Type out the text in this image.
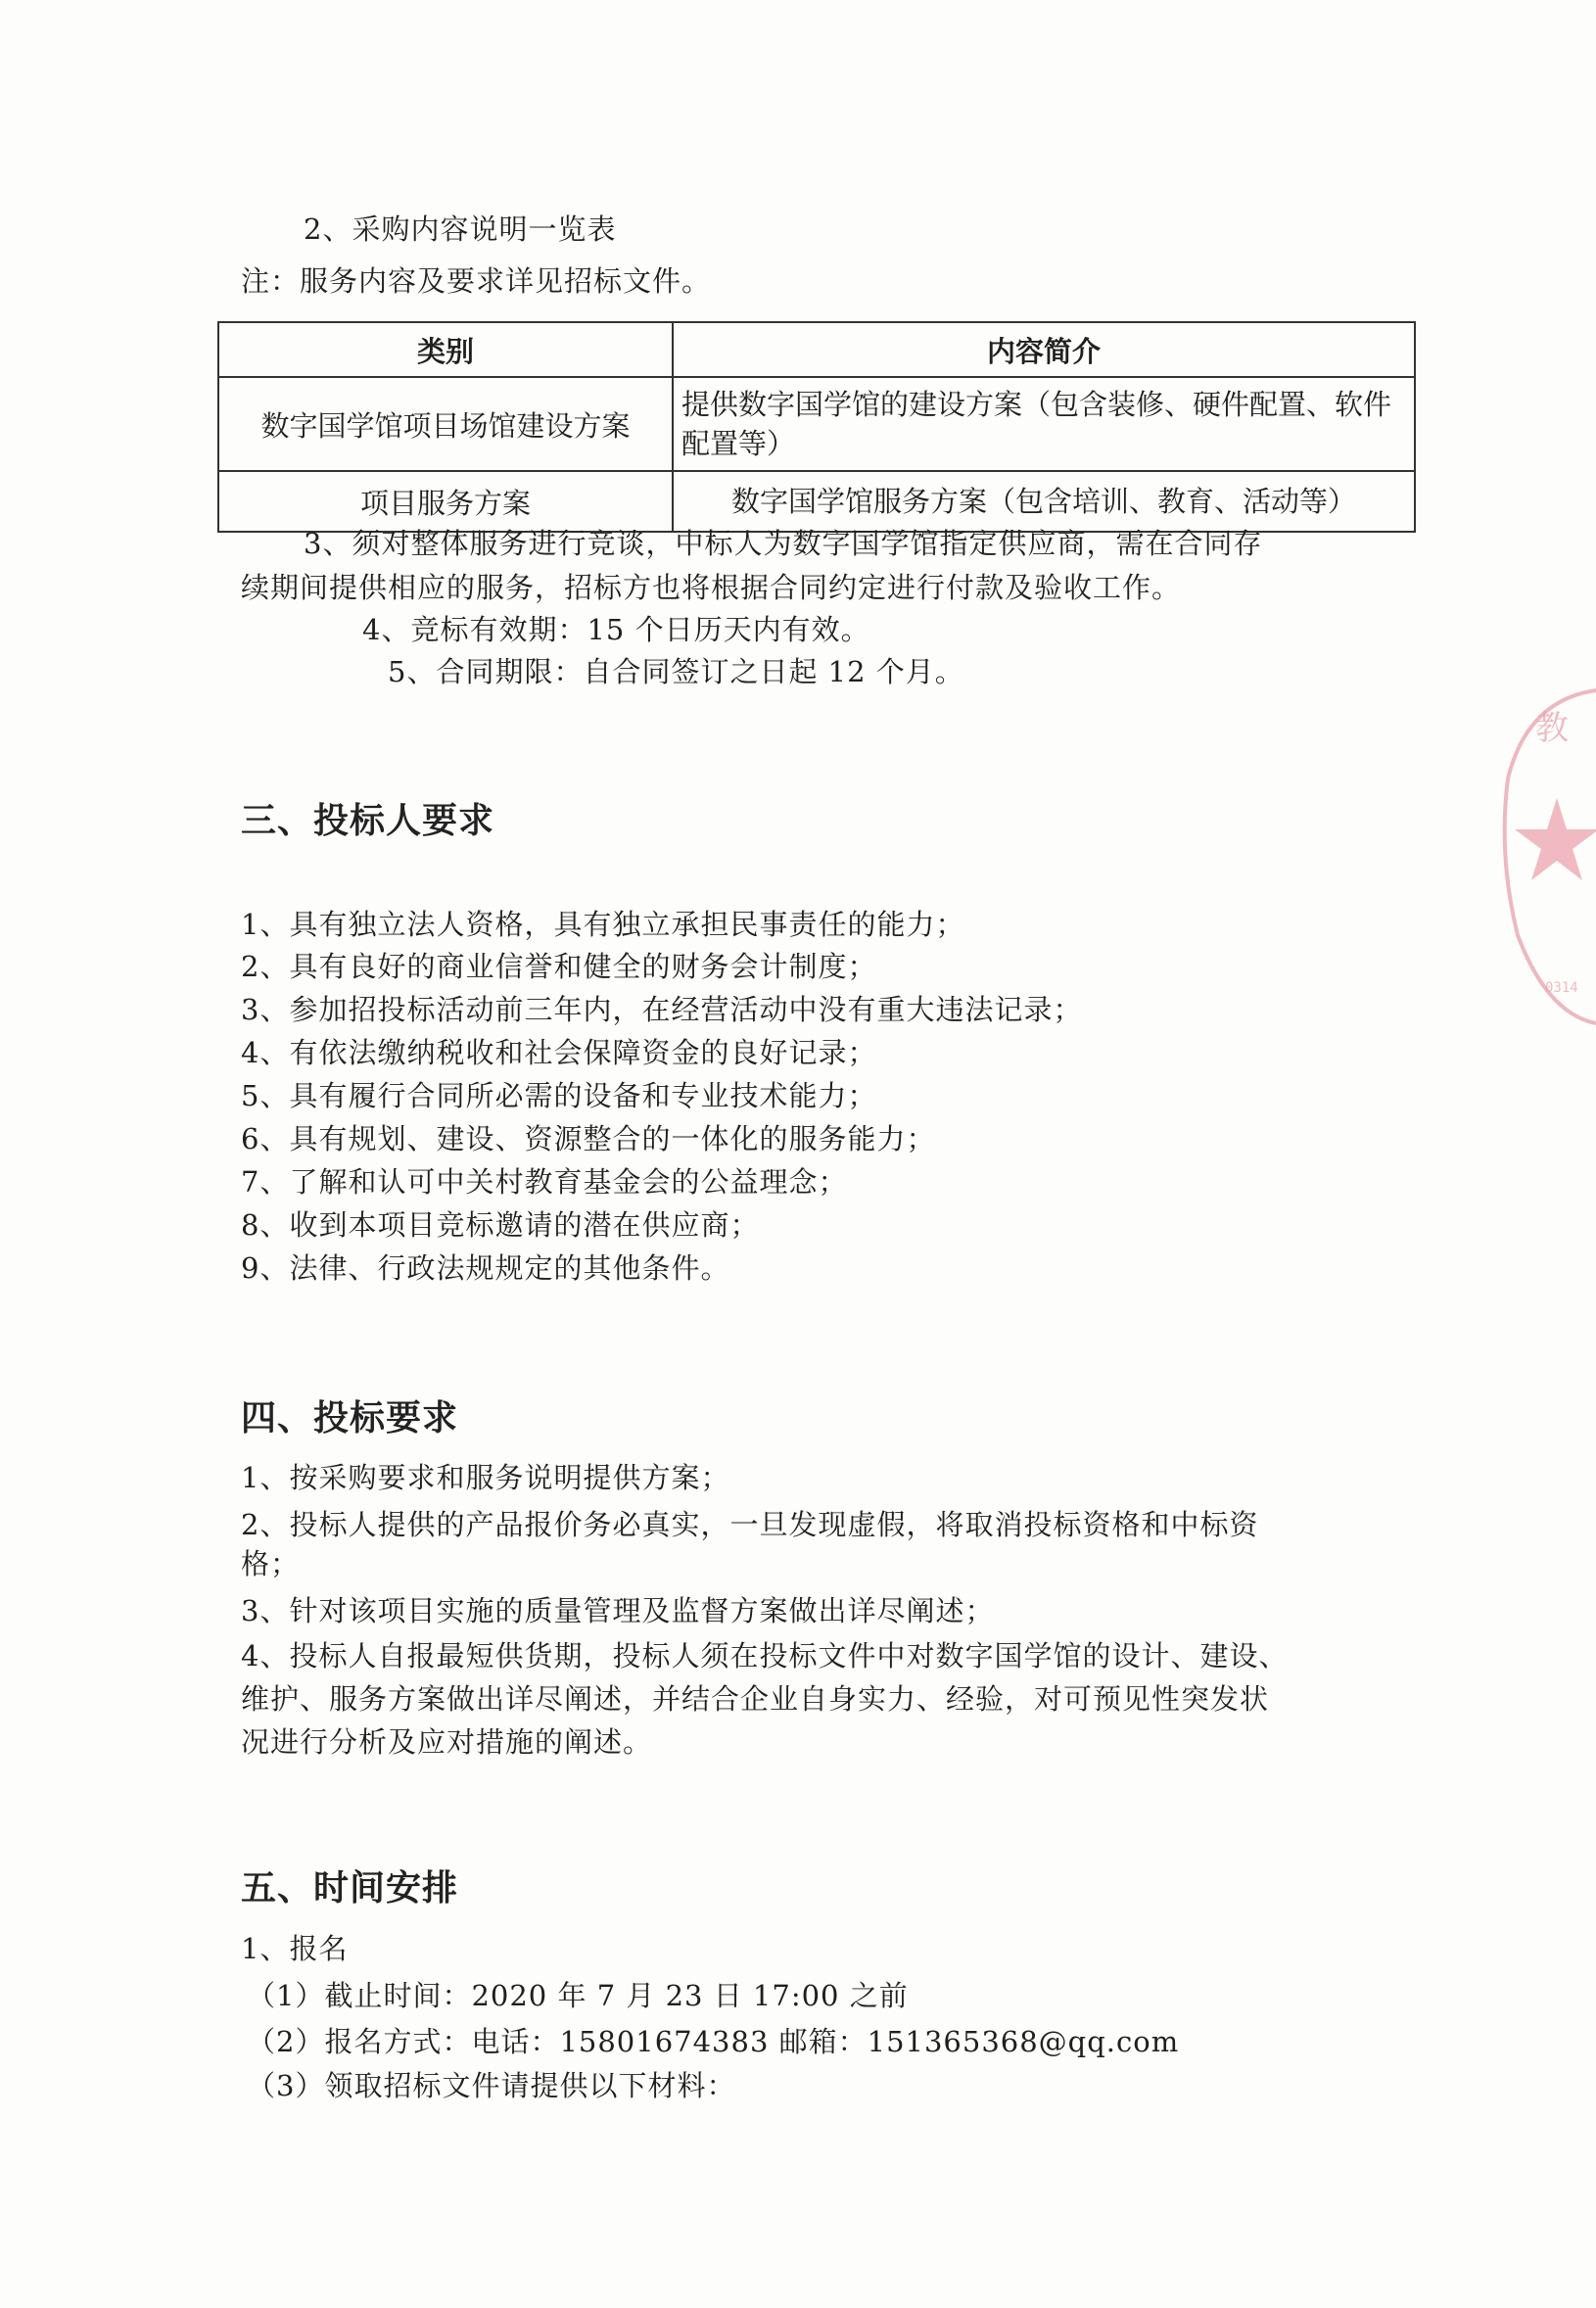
2、采购内容说明一览表
注：服务内容及要求详见招标文件。
类别	内容简介
数字国学馆项目场馆建设方案	提供数字国学馆的建设方案（包含装修、硬件配置、软件配置等）
项目服务方案	数字国学馆服务方案（包含培训、教育、活动等）
3、须对整体服务进行竞谈，中标人为数字国学馆指定供应商，需在合同存
续期间提供相应的服务，招标方也将根据合同约定进行付款及验收工作。
4、竞标有效期：15 个日历天内有效。
5、合同期限：自合同签订之日起 12 个月。
三、投标人要求
1、具有独立法人资格，具有独立承担民事责任的能力；
2、具有良好的商业信誉和健全的财务会计制度；
3、参加招投标活动前三年内，在经营活动中没有重大违法记录；
4、有依法缴纳税收和社会保障资金的良好记录；
5、具有履行合同所必需的设备和专业技术能力；
6、具有规划、建设、资源整合的一体化的服务能力；
7、了解和认可中关村教育基金会的公益理念；
8、收到本项目竞标邀请的潜在供应商；
9、法律、行政法规规定的其他条件。
四、投标要求
1、按采购要求和服务说明提供方案；
2、投标人提供的产品报价务必真实，一旦发现虚假，将取消投标资格和中标资
格；
3、针对该项目实施的质量管理及监督方案做出详尽阐述；
4、投标人自报最短供货期，投标人须在投标文件中对数字国学馆的设计、建设、
维护、服务方案做出详尽阐述，并结合企业自身实力、经验，对可预见性突发状
况进行分析及应对措施的阐述。
五、时间安排
1、报名
（1）截止时间：2020 年 7 月 23 日 17:00 之前
（2）报名方式：电话：15801674383 邮箱：151365368@qq.com
（3）领取招标文件请提供以下材料：
教
0314
